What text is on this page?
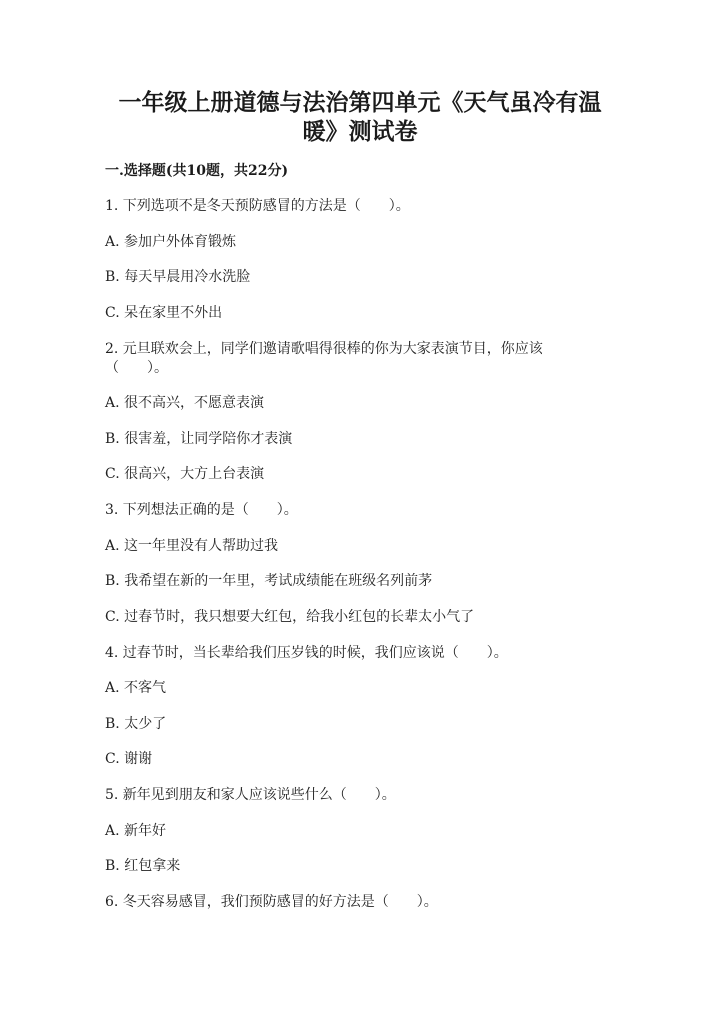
一年级上册道德与法治第四单元《天气虽冷有温
暖》测试卷
一.选择题(共10题，共22分)
1. 下列选项不是冬天预防感冒的方法是（　　）。
A. 参加户外体育锻炼
B. 每天早晨用冷水洗脸
C. 呆在家里不外出
2. 元旦联欢会上，同学们邀请歌唱得很棒的你为大家表演节目，你应该
（　　）。
A. 很不高兴，不愿意表演
B. 很害羞，让同学陪你才表演
C. 很高兴，大方上台表演
3. 下列想法正确的是（　　）。
A. 这一年里没有人帮助过我
B. 我希望在新的一年里，考试成绩能在班级名列前茅
C. 过春节时，我只想要大红包，给我小红包的长辈太小气了
4. 过春节时，当长辈给我们压岁钱的时候，我们应该说（　　）。
A. 不客气
B. 太少了
C. 谢谢
5. 新年见到朋友和家人应该说些什么（　　）。
A. 新年好
B. 红包拿来
6. 冬天容易感冒，我们预防感冒的好方法是（　　）。
